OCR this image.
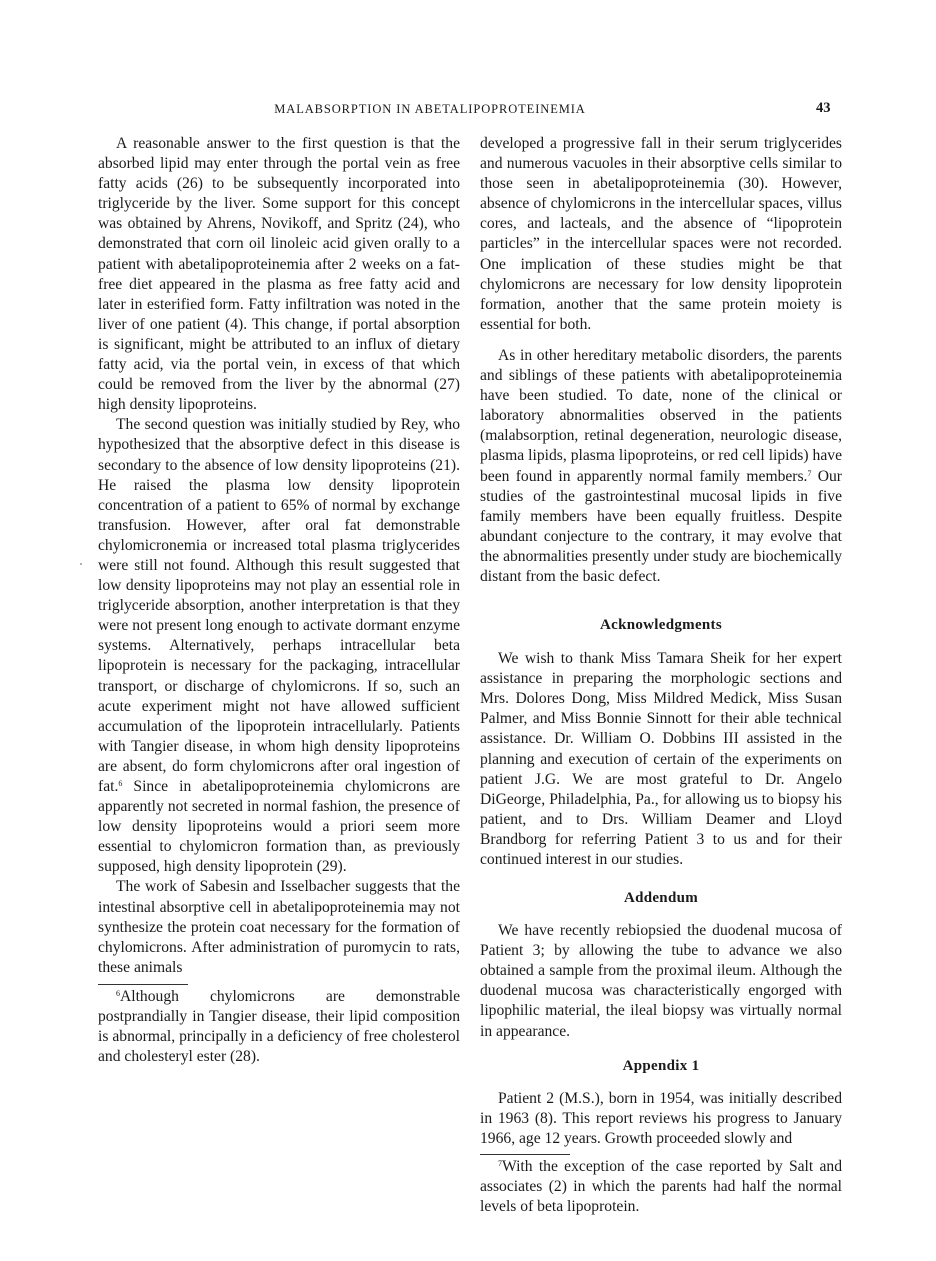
MALABSORPTION IN ABETALIPOPROTEINEMIA	43

A reasonable answer to the first question is that the absorbed lipid may enter through the portal vein as free fatty acids (26) to be subsequently incorporated into triglyceride by the liver. Some support for this concept was obtained by Ahrens, Novikoff, and Spritz (24), who demonstrated that corn oil linoleic acid given orally to a patient with abetalipoproteinemia after 2 weeks on a fat-free diet appeared in the plasma as free fatty acid and later in esterified form. Fatty infiltration was noted in the liver of one patient (4). This change, if portal absorption is significant, might be attributed to an influx of dietary fatty acid, via the portal vein, in excess of that which could be removed from the liver by the abnormal (27) high density lipoproteins.

The second question was initially studied by Rey, who hypothesized that the absorptive defect in this disease is secondary to the absence of low density lipoproteins (21). He raised the plasma low density lipoprotein concentration of a patient to 65% of normal by exchange transfusion. However, after oral fat demonstrable chylomicronemia or increased total plasma triglycerides were still not found. Although this result suggested that low density lipoproteins may not play an essential role in triglyceride absorption, another interpretation is that they were not present long enough to activate dormant enzyme systems. Alternatively, perhaps intracellular beta lipoprotein is necessary for the packaging, intracellular transport, or discharge of chylomicrons. If so, such an acute experiment might not have allowed sufficient accumulation of the lipoprotein intracellularly. Patients with Tangier disease, in whom high density lipoproteins are absent, do form chylomicrons after oral ingestion of fat.$^6$ Since in abetalipoproteinemia chylomicrons are apparently not secreted in normal fashion, the presence of low density lipoproteins would a priori seem more essential to chylomicron formation than, as previously supposed, high density lipoprotein (29).

The work of Sabesin and Isselbacher suggests that the intestinal absorptive cell in abetalipoproteinemia may not synthesize the protein coat necessary for the formation of chylomicrons. After administration of puromycin to rats, these animals

$^6$Although chylomicrons are demonstrable postprandially in Tangier disease, their lipid composition is abnormal, principally in a deficiency of free cholesterol and cholesteryl ester (28).

developed a progressive fall in their serum triglycerides and numerous vacuoles in their absorptive cells similar to those seen in abetalipoproteinemia (30). However, absence of chylomicrons in the intercellular spaces, villus cores, and lacteals, and the absence of “lipoprotein particles” in the intercellular spaces were not recorded. One implication of these studies might be that chylomicrons are necessary for low density lipoprotein formation, another that the same protein moiety is essential for both.

As in other hereditary metabolic disorders, the parents and siblings of these patients with abetalipoproteinemia have been studied. To date, none of the clinical or laboratory abnormalities observed in the patients (malabsorption, retinal degeneration, neurologic disease, plasma lipids, plasma lipoproteins, or red cell lipids) have been found in apparently normal family members.$^7$ Our studies of the gastrointestinal mucosal lipids in five family members have been equally fruitless. Despite abundant conjecture to the contrary, it may evolve that the abnormalities presently under study are biochemically distant from the basic defect.

Acknowledgments

We wish to thank Miss Tamara Sheik for her expert assistance in preparing the morphologic sections and Mrs. Dolores Dong, Miss Mildred Medick, Miss Susan Palmer, and Miss Bonnie Sinnott for their able technical assistance. Dr. William O. Dobbins III assisted in the planning and execution of certain of the experiments on patient J.G. We are most grateful to Dr. Angelo DiGeorge, Philadelphia, Pa., for allowing us to biopsy his patient, and to Drs. William Deamer and Lloyd Brandborg for referring Patient 3 to us and for their continued interest in our studies.

Addendum

We have recently rebiopsied the duodenal mucosa of Patient 3; by allowing the tube to advance we also obtained a sample from the proximal ileum. Although the duodenal mucosa was characteristically engorged with lipophilic material, the ileal biopsy was virtually normal in appearance.

Appendix 1

Patient 2 (M.S.), born in 1954, was initially described in 1963 (8). This report reviews his progress to January 1966, age 12 years. Growth proceeded slowly and

$^7$With the exception of the case reported by Salt and associates (2) in which the parents had half the normal levels of beta lipoprotein.
